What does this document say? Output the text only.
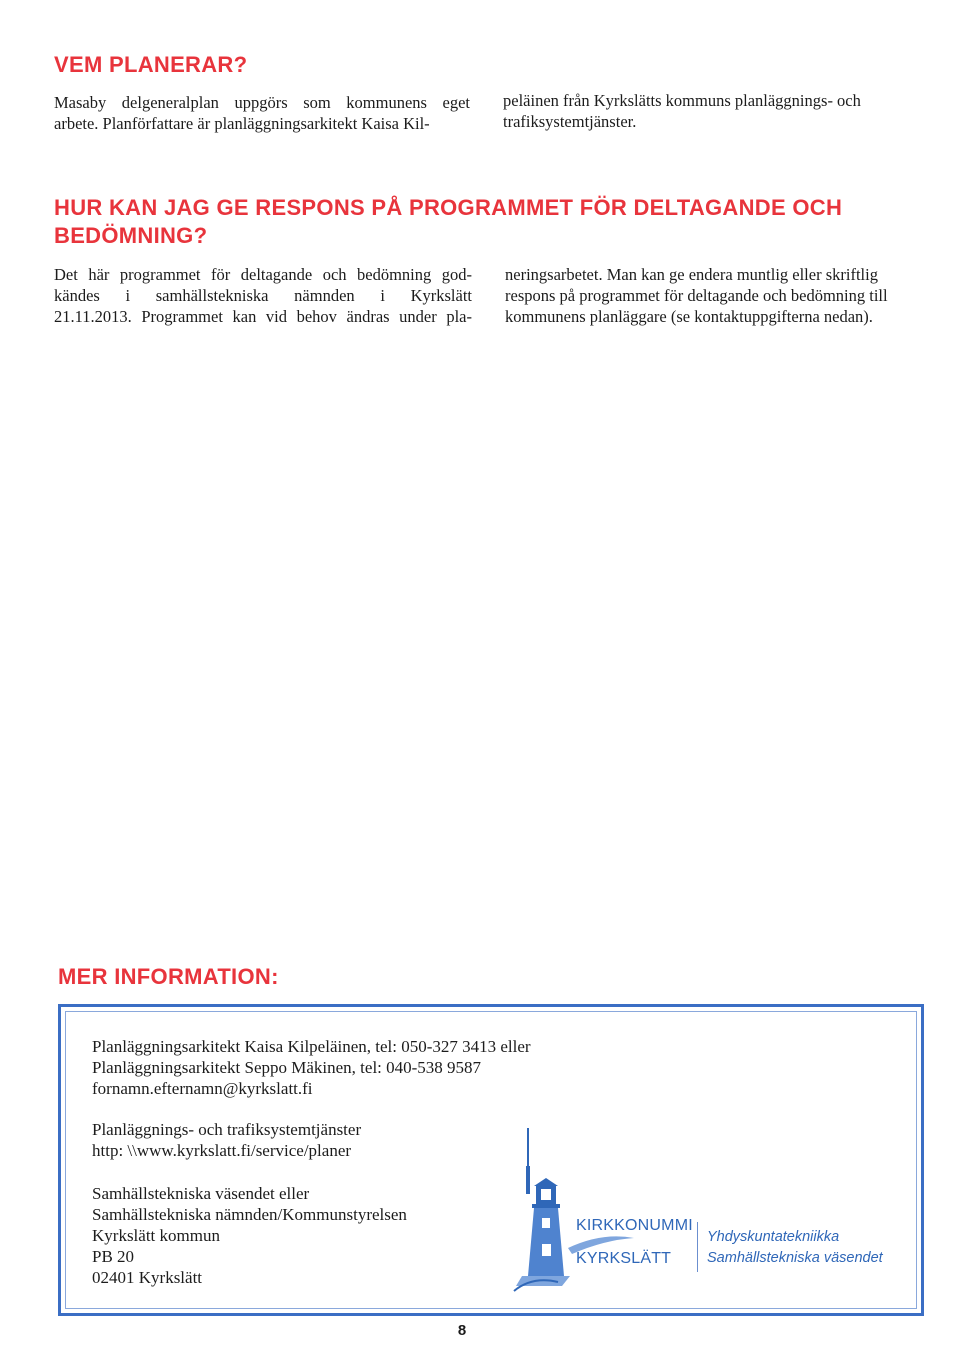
VEM PLANERAR?

Masaby delgeneralplan uppgörs som kommunens eget
arbete. Planförfattare är planläggningsarkitekt Kaisa Kil-

peläinen från Kyrkslätts kommuns planläggnings- och
trafiksystemtjänster.

HUR KAN JAG GE RESPONS PÅ PROGRAMMET FÖR DELTAGANDE OCH
BEDÖMNING?

Det här programmet för deltagande och bedömning god-
kändes i samhällstekniska nämnden i Kyrkslätt
21.11.2013. Programmet kan vid behov ändras under pla-

neringsarbetet. Man kan ge endera muntlig eller skriftlig
respons på programmet för deltagande och bedömning till
kommunens planläggare (se kontaktuppgifterna nedan).

MER INFORMATION:

Planläggningsarkitekt Kaisa Kilpeläinen, tel: 050-327 3413 eller
Planläggningsarkitekt Seppo Mäkinen, tel: 040-538 9587
fornamn.efternamn@kyrkslatt.fi

Planläggnings- och trafiksystemtjänster
http: \\www.kyrkslatt.fi/service/planer

Samhällstekniska väsendet eller
Samhällstekniska nämnden/Kommunstyrelsen
Kyrkslätt kommun
PB 20
02401 Kyrkslätt

KIRKKONUMMI
KYRKSLÄTT
Yhdyskuntatekniikka
Samhällstekniska väsendet
8
